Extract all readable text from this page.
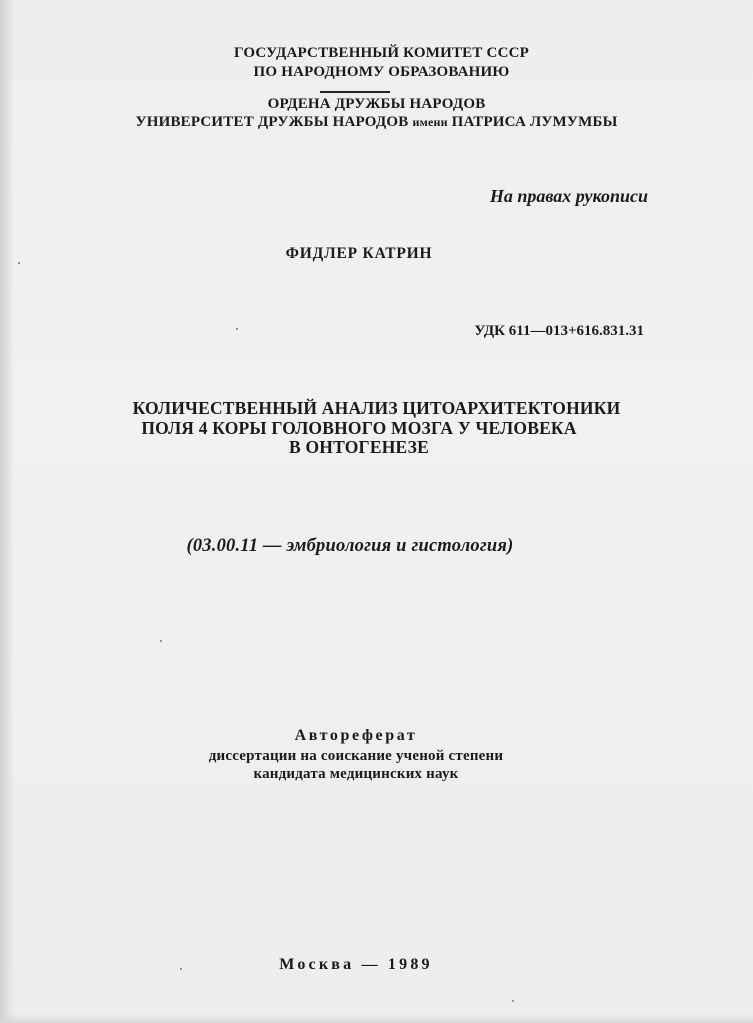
ГОСУДАРСТВЕННЫЙ КОМИТЕТ СССР
ПО НАРОДНОМУ ОБРАЗОВАНИЮ
ОРДЕНА ДРУЖБЫ НАРОДОВ
УНИВЕРСИТЕТ ДРУЖБЫ НАРОДОВ имени ПАТРИСА ЛУМУМБЫ
На правах рукописи
ФИДЛЕР КАТРИН
УДК 611—013+616.831.31
КОЛИЧЕСТВЕННЫЙ АНАЛИЗ ЦИТОАРХИТЕКТОНИКИ
ПОЛЯ 4 КОРЫ ГОЛОВНОГО МОЗГА У ЧЕЛОВЕКА
В ОНТОГЕНЕЗЕ
(03.00.11 — эмбриология и гистология)
Автореферат
диссертации на соискание ученой степени
кандидата медицинских наук
Москва — 1989
